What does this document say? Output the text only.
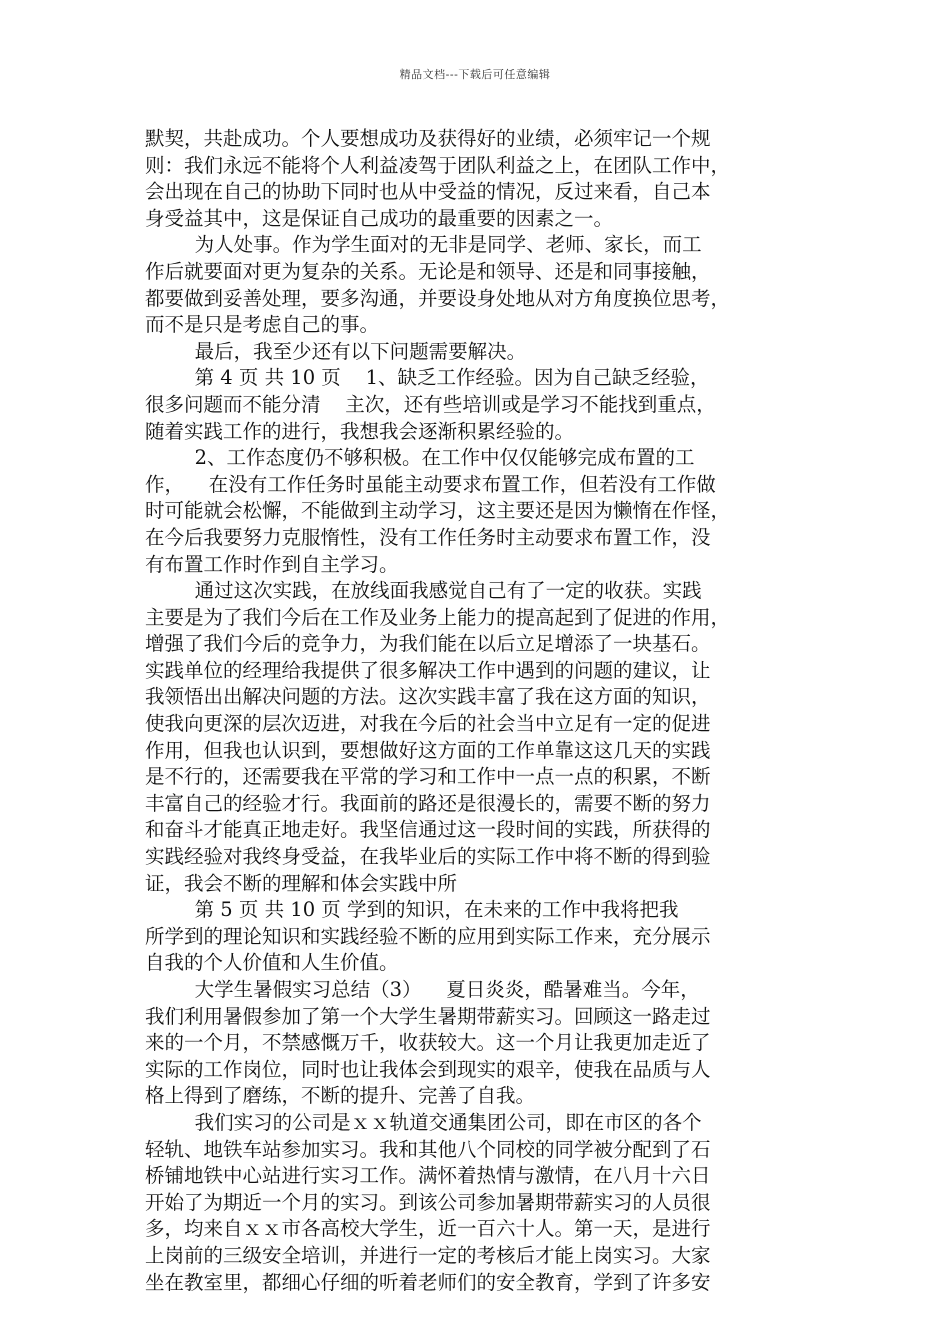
精品文档---下载后可任意编辑
默契，共赴成功。个人要想成功及获得好的业绩，必须牢记一个规
则：我们永远不能将个人利益凌驾于团队利益之上，在团队工作中，
会出现在自己的协助下同时也从中受益的情况，反过来看，自己本
身受益其中，这是保证自己成功的最重要的因素之一。
为人处事。作为学生面对的无非是同学、老师、家长，而工
作后就要面对更为复杂的关系。无论是和领导、还是和同事接触，
都要做到妥善处理，要多沟通，并要设身处地从对方角度换位思考，
而不是只是考虑自己的事。
最后，我至少还有以下问题需要解决。
第 4 页 共 10 页    1、缺乏工作经验。因为自己缺乏经验，
很多问题而不能分清    主次，还有些培训或是学习不能找到重点，
随着实践工作的进行，我想我会逐渐积累经验的。
2、工作态度仍不够积极。在工作中仅仅能够完成布置的工
作，    在没有工作任务时虽能主动要求布置工作，但若没有工作做
时可能就会松懈，不能做到主动学习，这主要还是因为懒惰在作怪，
在今后我要努力克服惰性，没有工作任务时主动要求布置工作，没
有布置工作时作到自主学习。
通过这次实践，在放线面我感觉自己有了一定的收获。实践
主要是为了我们今后在工作及业务上能力的提高起到了促进的作用，
增强了我们今后的竞争力，为我们能在以后立足增添了一块基石。
实践单位的经理给我提供了很多解决工作中遇到的问题的建议，让
我领悟出出解决问题的方法。这次实践丰富了我在这方面的知识，
使我向更深的层次迈进，对我在今后的社会当中立足有一定的促进
作用，但我也认识到，要想做好这方面的工作单靠这这几天的实践
是不行的，还需要我在平常的学习和工作中一点一点的积累，不断
丰富自己的经验才行。我面前的路还是很漫长的，需要不断的努力
和奋斗才能真正地走好。我坚信通过这一段时间的实践，所获得的
实践经验对我终身受益，在我毕业后的实际工作中将不断的得到验
证，我会不断的理解和体会实践中所
第 5 页 共 10 页 学到的知识，在未来的工作中我将把我
所学到的理论知识和实践经验不断的应用到实际工作来，充分展示
自我的个人价值和人生价值。
大学生暑假实习总结（3）    夏日炎炎，酷暑难当。今年，
我们利用暑假参加了第一个大学生暑期带薪实习。回顾这一路走过
来的一个月，不禁感慨万千，收获较大。这一个月让我更加走近了
实际的工作岗位，同时也让我体会到现实的艰辛，使我在品质与人
格上得到了磨练，不断的提升、完善了自我。
我们实习的公司是ｘｘ轨道交通集团公司，即在市区的各个
轻轨、地铁车站参加实习。我和其他八个同校的同学被分配到了石
桥铺地铁中心站进行实习工作。满怀着热情与激情，在八月十六日
开始了为期近一个月的实习。到该公司参加暑期带薪实习的人员很
多，均来自ｘｘ市各高校大学生，近一百六十人。第一天，是进行
上岗前的三级安全培训，并进行一定的考核后才能上岗实习。大家
坐在教室里，都细心仔细的听着老师们的安全教育，学到了许多安
